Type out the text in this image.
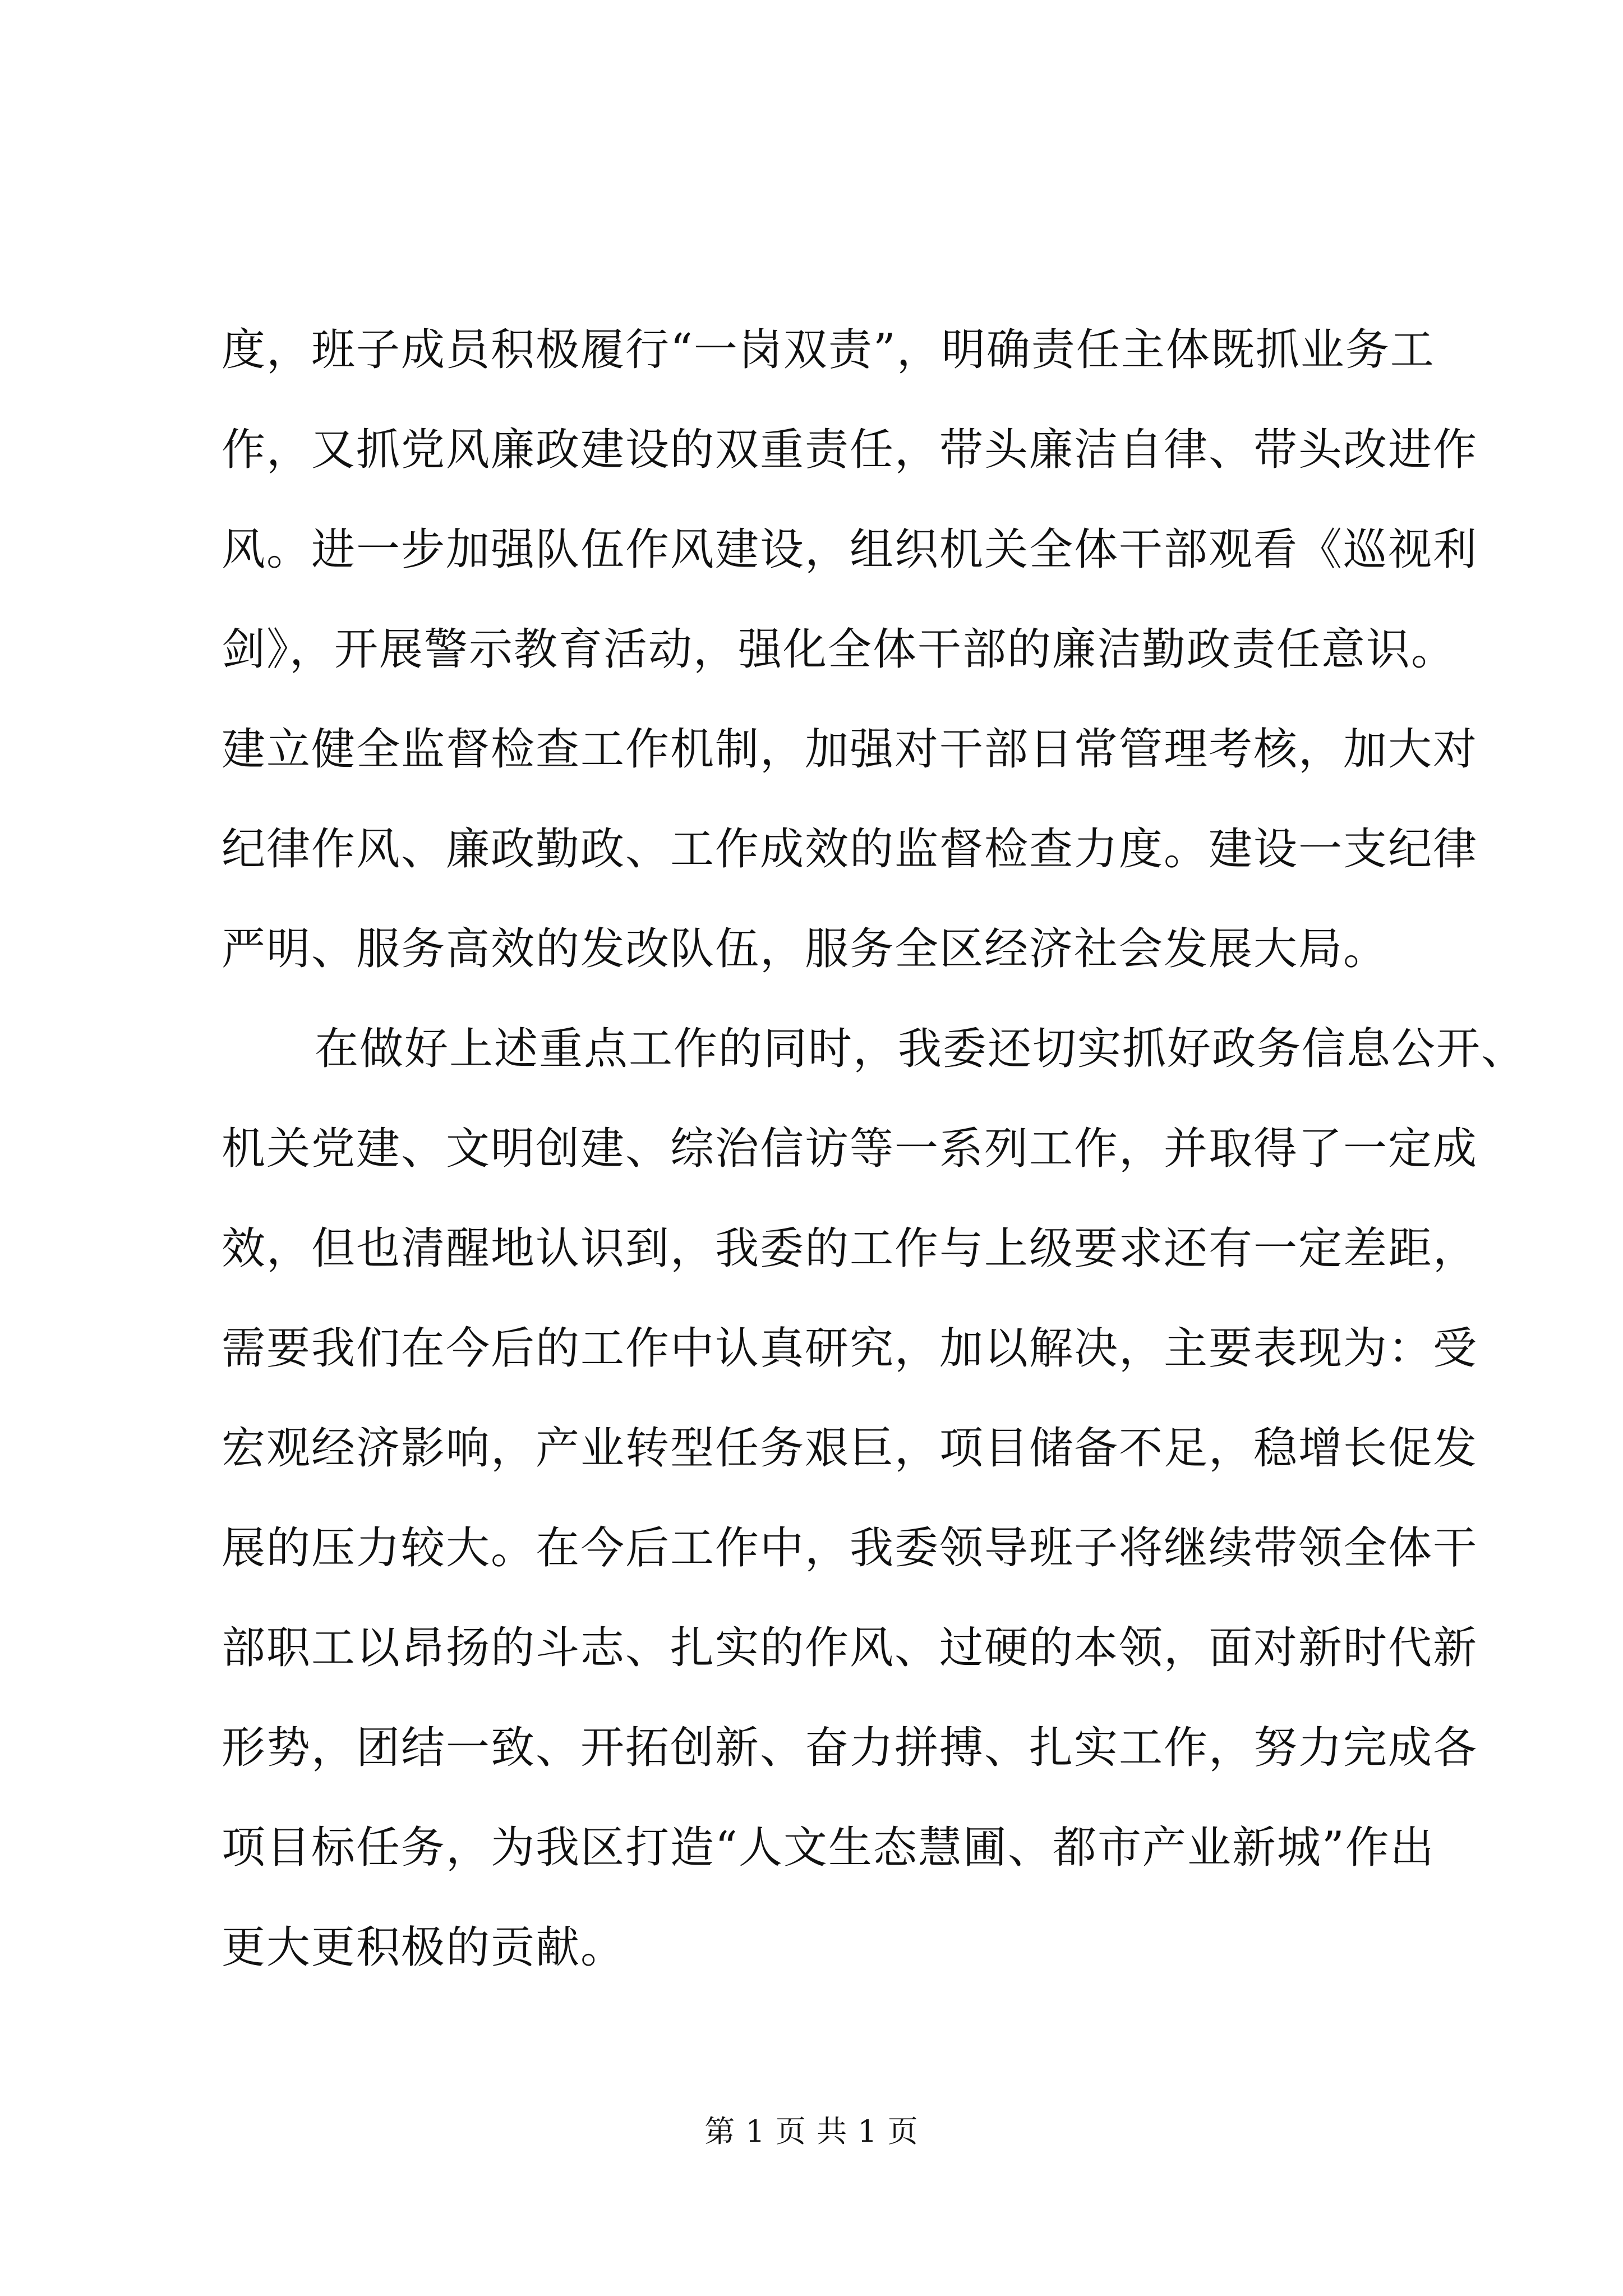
度，班子成员积极履行“一岗双责”，明确责任主体既抓业务工
作，又抓党风廉政建设的双重责任，带头廉洁自律、带头改进作
风。进一步加强队伍作风建设，组织机关全体干部观看《巡视利
剑》，开展警示教育活动，强化全体干部的廉洁勤政责任意识。
建立健全监督检查工作机制，加强对干部日常管理考核，加大对
纪律作风、廉政勤政、工作成效的监督检查力度。建设一支纪律
严明、服务高效的发改队伍，服务全区经济社会发展大局。
在做好上述重点工作的同时，我委还切实抓好政务信息公开、
机关党建、文明创建、综治信访等一系列工作，并取得了一定成
效，但也清醒地认识到，我委的工作与上级要求还有一定差距，
需要我们在今后的工作中认真研究，加以解决，主要表现为：受
宏观经济影响，产业转型任务艰巨，项目储备不足，稳增长促发
展的压力较大。在今后工作中，我委领导班子将继续带领全体干
部职工以昂扬的斗志、扎实的作风、过硬的本领，面对新时代新
形势，团结一致、开拓创新、奋力拼搏、扎实工作，努力完成各
项目标任务，为我区打造“人文生态慧圃、都市产业新城”作出
更大更积极的贡献。
第 1 页 共 1 页
